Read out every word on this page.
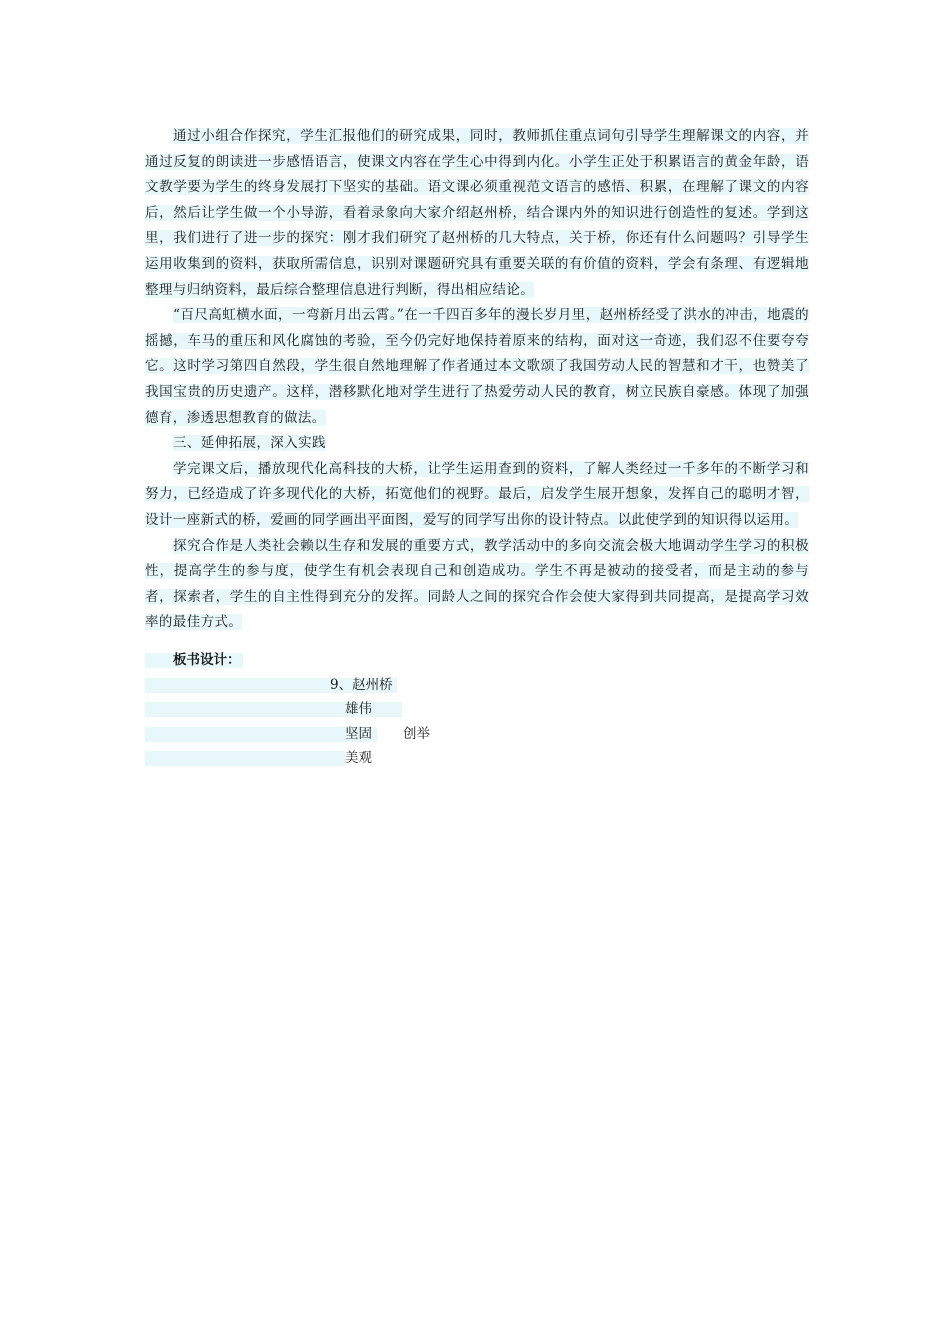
通过小组合作探究，学生汇报他们的研究成果，同时，教师抓住重点词句引导学生理解课文的内容，并通过反复的朗读进一步感悟语言，使课文内容在学生心中得到内化。小学生正处于积累语言的黄金年龄，语文教学要为学生的终身发展打下坚实的基础。语文课必须重视范文语言的感悟、积累，在理解了课文的内容后，然后让学生做一个小导游，看着录象向大家介绍赵州桥，结合课内外的知识进行创造性的复述。学到这里，我们进行了进一步的探究：刚才我们研究了赵州桥的几大特点，关于桥，你还有什么问题吗？引导学生运用收集到的资料，获取所需信息，识别对课题研究具有重要关联的有价值的资料，学会有条理、有逻辑地整理与归纳资料，最后综合整理信息进行判断，得出相应结论。

“百尺高虹横水面，一弯新月出云霄。”在一千四百多年的漫长岁月里，赵州桥经受了洪水的冲击，地震的摇撼，车马的重压和风化腐蚀的考验，至今仍完好地保持着原来的结构，面对这一奇迹，我们忍不住要夸夸它。这时学习第四自然段，学生很自然地理解了作者通过本文歌颂了我国劳动人民的智慧和才干，也赞美了我国宝贵的历史遗产。这样，潜移默化地对学生进行了热爱劳动人民的教育，树立民族自豪感。体现了加强德育，渗透思想教育的做法。

三、延伸拓展，深入实践

学完课文后，播放现代化高科技的大桥，让学生运用查到的资料，了解人类经过一千多年的不断学习和努力，已经造成了许多现代化的大桥，拓宽他们的视野。最后，启发学生展开想象，发挥自己的聪明才智，设计一座新式的桥，爱画的同学画出平面图，爱写的同学写出你的设计特点。以此使学到的知识得以运用。

探究合作是人类社会赖以生存和发展的重要方式，教学活动中的多向交流会极大地调动学生学习的积极性，提高学生的参与度，使学生有机会表现自己和创造成功。学生不再是被动的接受者，而是主动的参与者，探索者，学生的自主性得到充分的发挥。同龄人之间的探究合作会使大家得到共同提高，是提高学习效率的最佳方式。

板书设计：
9、赵州桥
雄伟
坚固 创举
美观
